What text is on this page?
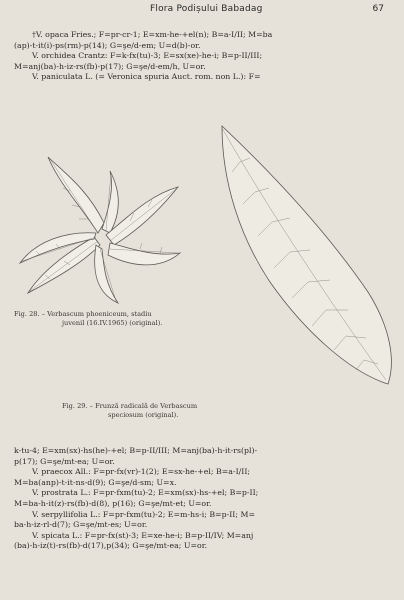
Flora Podișului Babadag	67

†V. opaca Fries.; F=pr-cr-1; E=xm-he-+el(n); B=a-I/II; M=ba

(ap)-t-it(i)-ps(rm)-p(14); G=şe/d-em; U=d(b)-or.

V. orchidea Crantz: F=k-fx(tu)-3; E=sx(xe)-he-i; B=p-II/III;

M=anj(ba)-h-iz-rs(fb)-p(17); G=şe/d-em/h, U=or.

V. paniculata L. (= Veronica spuria Auct. rom. non L.): F=

Fig. 28. – Verbascum phoeniceum, stadiu

juvenil (16.IV.1965) (original).

Fig. 29. – Frunză radicală de Verbascum

speciosum (original).

k-tu-4; E=xm(sx)-hs(he)-+el; B=p-II/III; M=anj(ba)-h-it-rs(pl)-

p(17); G=şe/mt-ea; U=or.

V. praecox All.: F=pr-fx(vr)-1(2); E=sx-he-+el; B=a-I/II;

M=ba(anp)-t-it-ns-d(9); G=şe/d-sm; U=x.

V. prostrata L.: F=pr-fxm(tu)-2; E=xm(sx)-hs-+el; B=p-II;

M=ba-h-it(z)-rs(fb)-d(8), p(16); G=şe/mt-et; U=or.

V. serpyllifolia L.: F=pr-fxm(tu)-2; E=m-hs-i; B=p-II; M=

ba-h-iz-rl-d(7); G=şe/mt-es; U=or.

V. spicata L.: F=pr-fx(st)-3; E=xe-he-i; B=p-II/IV; M=anj

(ba)-h-iz(t)-rs(fb)-d(17),p(34); G=şe/mt-ea; U=or.
